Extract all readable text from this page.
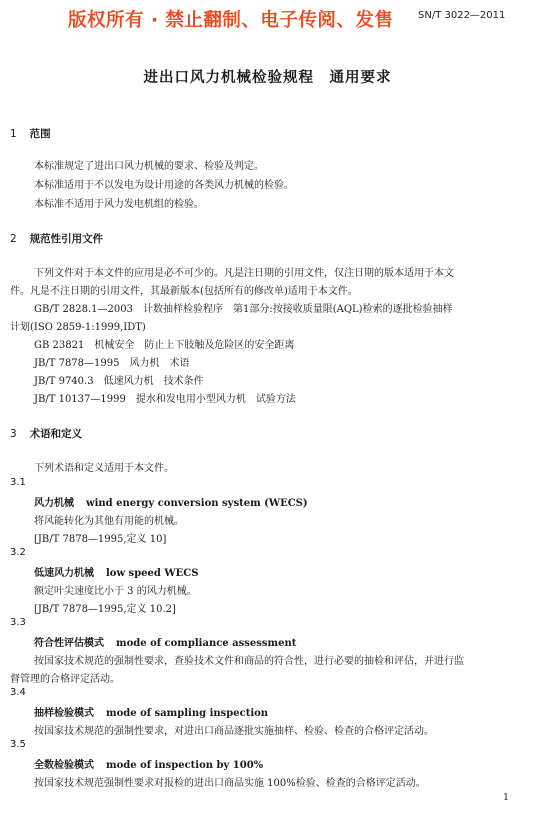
版权所有 · 禁止翻制、电子传阅、发售 SN/T 3022—2011
进出口风力机械检验规程　通用要求
1 范围
本标准规定了进出口风力机械的要求、检验及判定。
本标准适用于不以发电为设计用途的各类风力机械的检验。
本标准不适用于风力发电机组的检验。
2 规范性引用文件
下列文件对于本文件的应用是必不可少的。凡是注日期的引用文件，仅注日期的版本适用于本文
件。凡是不注日期的引用文件，其最新版本(包括所有的修改单)适用于本文件。
GB/T 2828.1—2003　计数抽样检验程序　第1部分:按接收质量限(AQL)检索的逐批检验抽样
计划(ISO 2859-1:1999,IDT)
GB 23821　机械安全　防止上下肢触及危险区的安全距离
JB/T 7878—1995　风力机　术语
JB/T 9740.3　低速风力机　技术条件
JB/T 10137—1999　提水和发电用小型风力机　试验方法
3 术语和定义
下列术语和定义适用于本文件。
3.1
风力机械 wind energy conversion system (WECS)
将风能转化为其他有用能的机械。
[JB/T 7878—1995,定义 10]
3.2
低速风力机械 low speed WECS
额定叶尖速度比小于 3 的风力机械。
[JB/T 7878—1995,定义 10.2]
3.3
符合性评估模式 mode of compliance assessment
按国家技术规范的强制性要求，查验技术文件和商品的符合性，进行必要的抽检和评估，并进行监
督管理的合格评定活动。
3.4
抽样检验模式 mode of sampling inspection
按国家技术规范的强制性要求，对进出口商品逐批实施抽样、检验、检查的合格评定活动。
3.5
全数检验模式 mode of inspection by 100%
按国家技术规范强制性要求对报检的进出口商品实施 100%检验、检查的合格评定活动。
1
